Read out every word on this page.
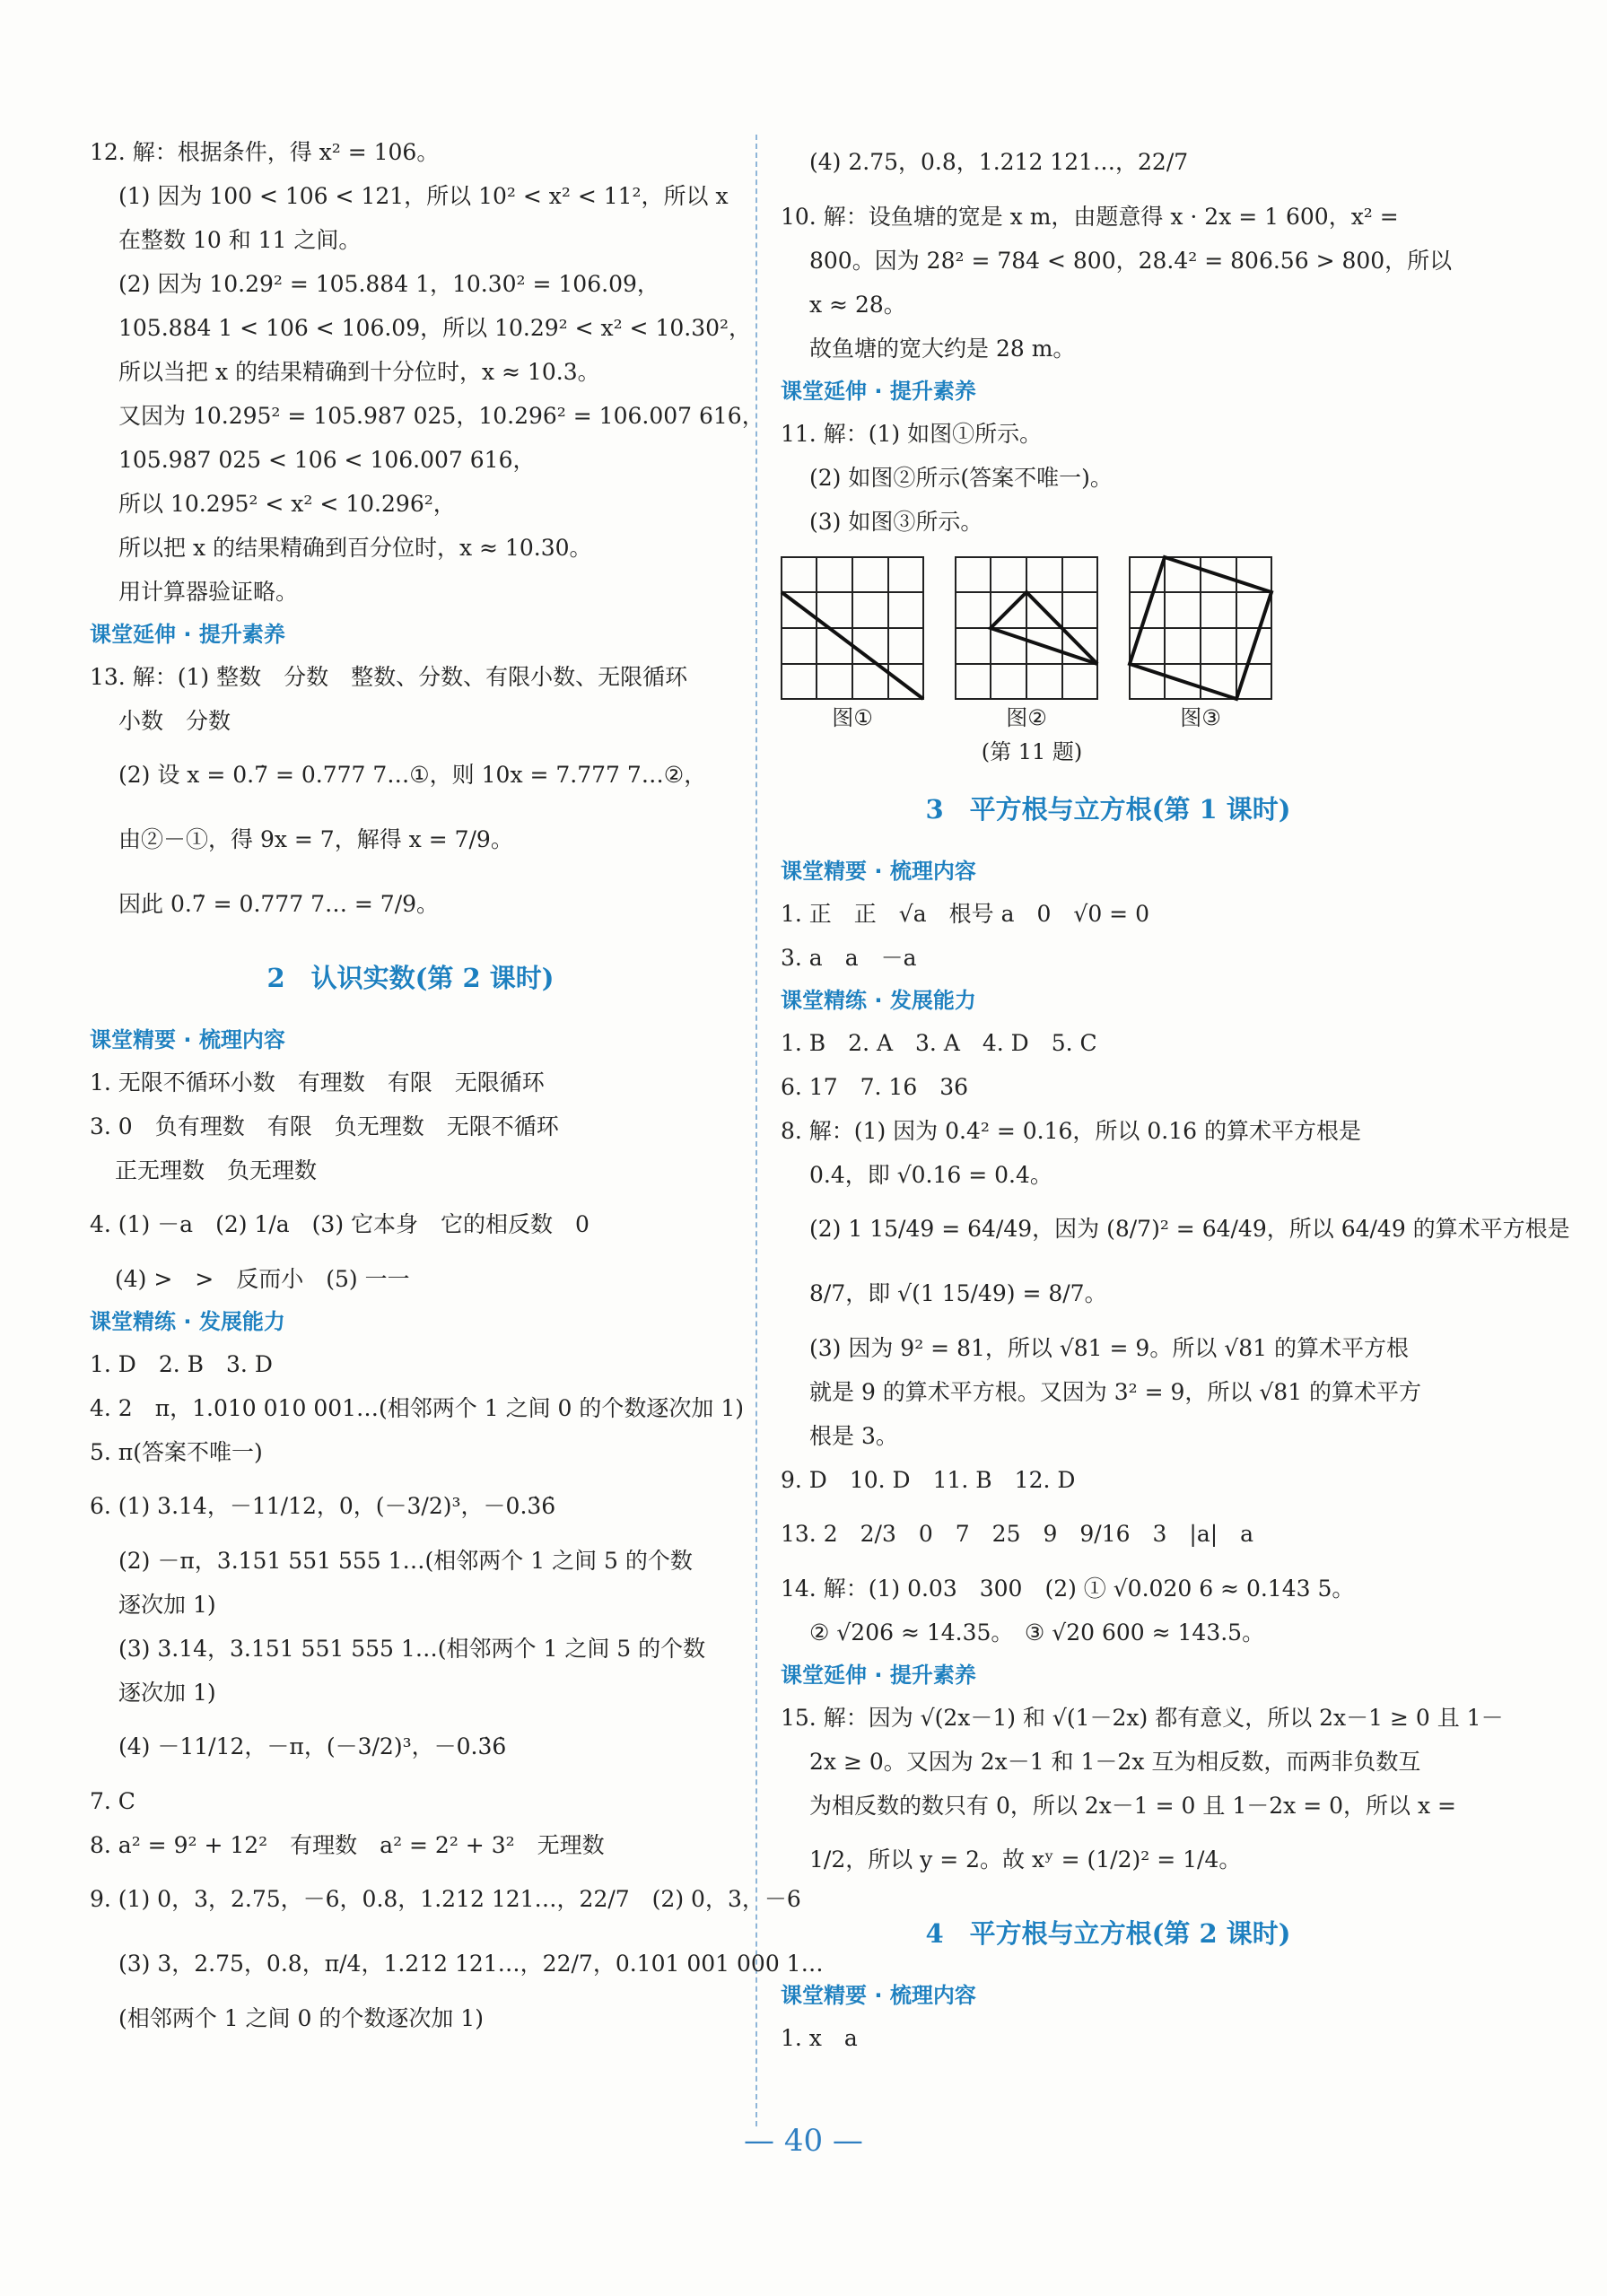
12. 解：根据条件，得 x² = 106。
(1) 因为 100 < 106 < 121，所以 10² < x² < 11²，所以 x
在整数 10 和 11 之间。
(2) 因为 10.29² = 105.884 1，10.30² = 106.09，
105.884 1 < 106 < 106.09，所以 10.29² < x² < 10.30²，
所以当把 x 的结果精确到十分位时，x ≈ 10.3。
又因为 10.295² = 105.987 025，10.296² = 106.007 616，
105.987 025 < 106 < 106.007 616，
所以 10.295² < x² < 10.296²，
所以把 x 的结果精确到百分位时，x ≈ 10.30。
用计算器验证略。
课堂延伸 · 提升素养
13. 解：(1) 整数　分数　整数、分数、有限小数、无限循环
小数　分数
(2) 设 x = 0.7̇ = 0.777 7…①，则 10x = 7.777 7…②，
由②－①，得 9x = 7，解得 x = 7/9。
因此 0.7̇ = 0.777 7… = 7/9。
2　认识实数(第 2 课时)
课堂精要 · 梳理内容
1. 无限不循环小数　有理数　有限　无限循环
3. 0　负有理数　有限　负无理数　无限不循环
正无理数　负无理数
4. (1) －a　(2) 1/a　(3) 它本身　它的相反数　0
(4) >　>　反而小　(5) 一一
课堂精练 · 发展能力
1. D　2. B　3. D
4. 2　π，1.010 010 001…(相邻两个 1 之间 0 的个数逐次加 1)
5. π(答案不唯一)
6. (1) 3.14，－11/12，0，(－3/2)³，－0.3̇6̇
(2) －π，3.151 551 555 1…(相邻两个 1 之间 5 的个数
逐次加 1)
(3) 3.14，3.151 551 555 1…(相邻两个 1 之间 5 的个数
逐次加 1)
(4) －11/12，－π，(－3/2)³，－0.3̇6̇
7. C
8. a² = 9² + 12²　有理数　a² = 2² + 3²　无理数
9. (1) 0，3，2.75，－6，0.8，1.212 121…，22/7　(2) 0，3，－6
(3) 3，2.75，0.8，π/4，1.212 121…，22/7，0.101 001 000 1…
(相邻两个 1 之间 0 的个数逐次加 1)
(4) 2.75，0.8，1.212 121…，22/7
10. 解：设鱼塘的宽是 x m，由题意得 x · 2x = 1 600，x² =
800。因为 28² = 784 < 800，28.4² = 806.56 > 800，所以
x ≈ 28。
故鱼塘的宽大约是 28 m。
课堂延伸 · 提升素养
11. 解：(1) 如图①所示。
(2) 如图②所示(答案不唯一)。
(3) 如图③所示。
图①	图②	图③
(第 11 题)
3　平方根与立方根(第 1 课时)
课堂精要 · 梳理内容
1. 正　正　√a　根号 a　0　√0 = 0
3. a　a　－a
课堂精练 · 发展能力
1. B　2. A　3. A　4. D　5. C
6. 17　7. 16　36
8. 解：(1) 因为 0.4² = 0.16，所以 0.16 的算术平方根是
0.4，即 √0.16 = 0.4。
(2) 1 15/49 = 64/49，因为 (8/7)² = 64/49，所以 64/49 的算术平方根是
8/7，即 √(1 15/49) = 8/7。
(3) 因为 9² = 81，所以 √81 = 9。所以 √81 的算术平方根
就是 9 的算术平方根。又因为 3² = 9，所以 √81 的算术平方
根是 3。
9. D　10. D　11. B　12. D
13. 2　2/3　0　7　25　9　9/16　3　|a|　a
14. 解：(1) 0.03　300　(2) ① √0.020 6 ≈ 0.143 5。
② √206 ≈ 14.35。　③ √20 600 ≈ 143.5。
课堂延伸 · 提升素养
15. 解：因为 √(2x－1) 和 √(1－2x) 都有意义，所以 2x－1 ≥ 0 且 1－
2x ≥ 0。又因为 2x－1 和 1－2x 互为相反数，而两非负数互
为相反数的数只有 0，所以 2x－1 = 0 且 1－2x = 0，所以 x =
1/2，所以 y = 2。故 xʸ = (1/2)² = 1/4。
4　平方根与立方根(第 2 课时)
课堂精要 · 梳理内容
1. x　a
— 40 —
